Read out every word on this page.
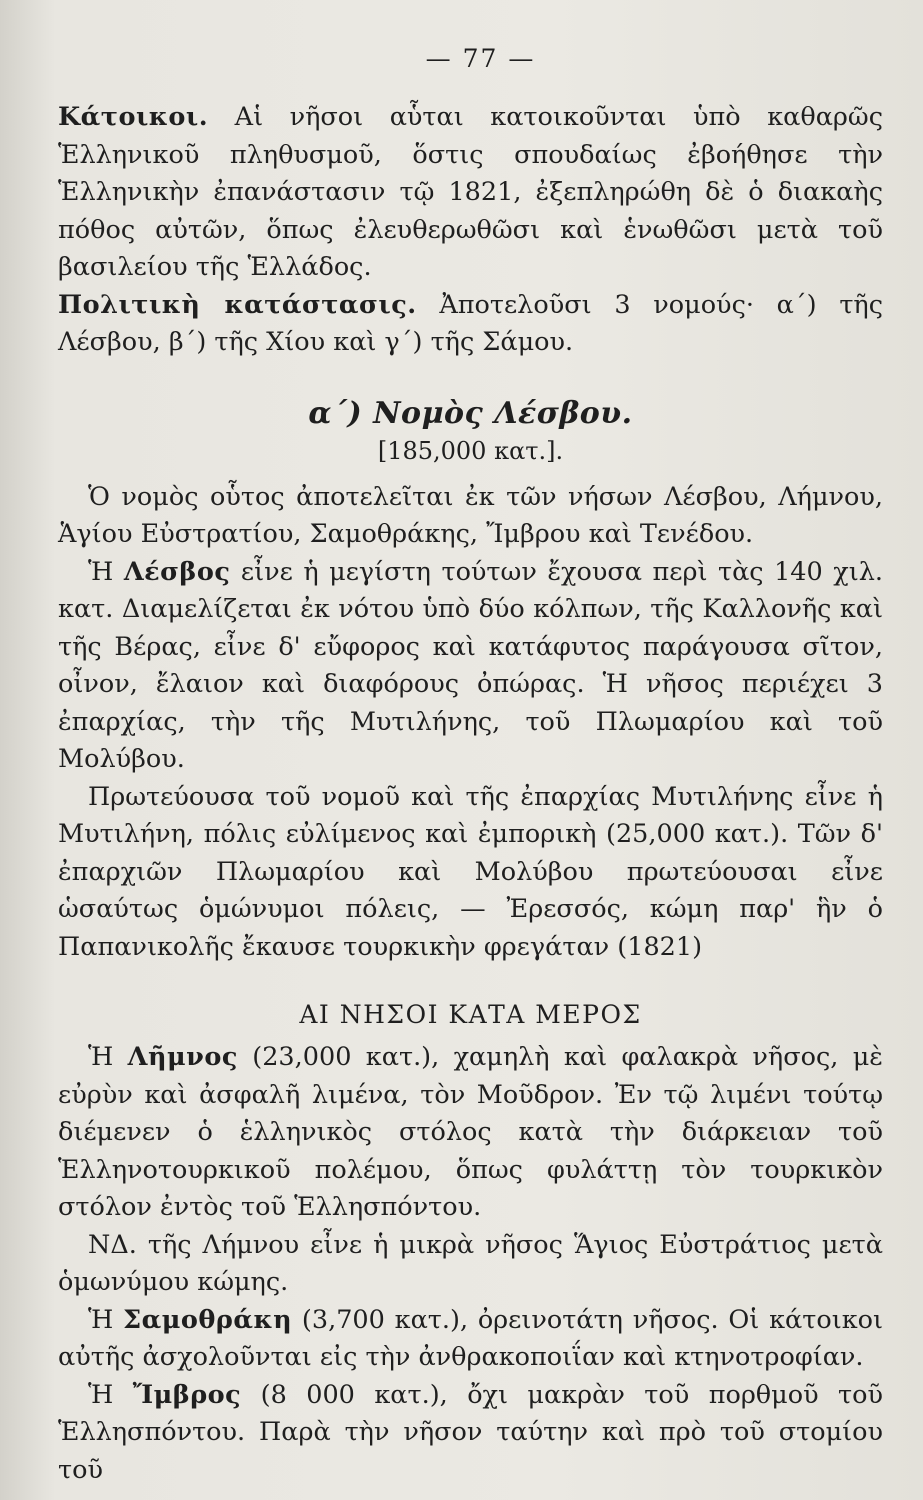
— 77 —

Κάτοικοι. Αἱ νῆσοι αὗται κατοικοῦνται ὑπὸ καθαρῶς Ἑλληνικοῦ πληθυσμοῦ, ὅστις σπουδαίως ἐβοήθησε τὴν Ἑλληνικὴν ἐπανάστασιν τῷ 1821, ἐξεπληρώθη δὲ ὁ διακαὴς πόθος αὐτῶν, ὅπως ἐλευθερωθῶσι καὶ ἑνωθῶσι μετὰ τοῦ βασιλείου τῆς Ἑλλάδος.

Πολιτικὴ κατάστασις. Ἀποτελοῦσι 3 νομούς· α΄) τῆς Λέσβου, β΄) τῆς Χίου καὶ γ΄) τῆς Σάμου.

α΄) Νομὸς Λέσβου.
[185,000 κατ.].

Ὁ νομὸς οὗτος ἀποτελεῖται ἐκ τῶν νήσων Λέσβου, Λήμνου, Ἁγίου Εὐστρατίου, Σαμοθράκης, Ἴμβρου καὶ Τενέδου.

Ἡ Λέσβος εἶνε ἡ μεγίστη τούτων ἔχουσα περὶ τὰς 140 χιλ. κατ. Διαμελίζεται ἐκ νότου ὑπὸ δύο κόλπων, τῆς Καλλονῆς καὶ τῆς Βέρας, εἶνε δ' εὔφορος καὶ κατάφυτος παράγουσα σῖτον, οἶνον, ἔλαιον καὶ διαφόρους ὀπώρας. Ἡ νῆσος περιέχει 3 ἐπαρχίας, τὴν τῆς Μυτιλήνης, τοῦ Πλωμαρίου καὶ τοῦ Μολύβου.

Πρωτεύουσα τοῦ νομοῦ καὶ τῆς ἐπαρχίας Μυτιλήνης εἶνε ἡ Μυτιλήνη, πόλις εὐλίμενος καὶ ἐμπορικὴ (25,000 κατ.). Τῶν δ' ἐπαρχιῶν Πλωμαρίου καὶ Μολύβου πρωτεύουσαι εἶνε ὡσαύτως ὁμώνυμοι πόλεις, — Ἐρεσσός, κώμη παρ' ἣν ὁ Παπανικολῆς ἔκαυσε τουρκικὴν φρεγάταν (1821)

ΑΙ ΝΗΣΟΙ ΚΑΤΑ ΜΕΡΟΣ

Ἡ Λῆμνος (23,000 κατ.), χαμηλὴ καὶ φαλακρὰ νῆσος, μὲ εὐρὺν καὶ ἀσφαλῆ λιμένα, τὸν Μοῦδρον. Ἐν τῷ λιμένι τούτῳ διέμενεν ὁ ἑλληνικὸς στόλος κατὰ τὴν διάρκειαν τοῦ Ἑλληνοτουρκικοῦ πολέμου, ὅπως φυλάττῃ τὸν τουρκικὸν στόλον ἐντὸς τοῦ Ἑλλησπόντου.

ΝΔ. τῆς Λήμνου εἶνε ἡ μικρὰ νῆσος Ἅγιος Εὐστράτιος μετὰ ὁμωνύμου κώμης.

Ἡ Σαμοθράκη (3,700 κατ.), ὀρεινοτάτη νῆσος. Οἱ κάτοικοι αὐτῆς ἀσχολοῦνται εἰς τὴν ἀνθρακοποιΐαν καὶ κτηνοτροφίαν.

Ἡ Ἴμβρος (8 000 κατ.), ὄχι μακρὰν τοῦ πορθμοῦ τοῦ Ἑλλησπόντου. Παρὰ τὴν νῆσον ταύτην καὶ πρὸ τοῦ στομίου τοῦ
